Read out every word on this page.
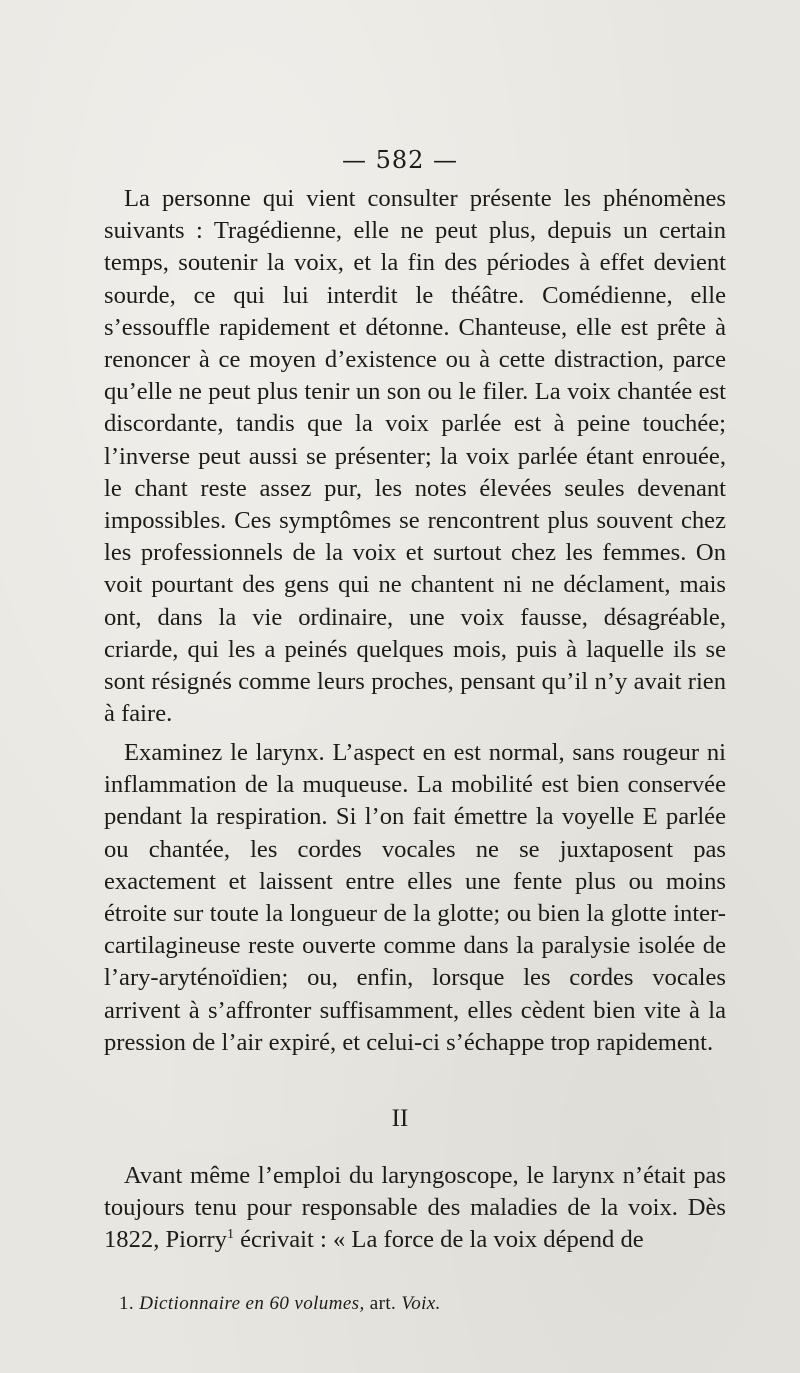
— 582 —

La personne qui vient consulter présente les phénomènes suivants : Tragédienne, elle ne peut plus, depuis un certain temps, soutenir la voix, et la fin des périodes à effet devient sourde, ce qui lui interdit le théâtre. Comédienne, elle s’essouffle rapidement et détonne. Chanteuse, elle est prête à renoncer à ce moyen d’existence ou à cette distraction, parce qu’elle ne peut plus tenir un son ou le filer. La voix chantée est discordante, tandis que la voix parlée est à peine touchée; l’inverse peut aussi se présenter; la voix parlée étant enrouée, le chant reste assez pur, les notes élevées seules devenant impossibles. Ces symptômes se rencontrent plus souvent chez les professionnels de la voix et surtout chez les femmes. On voit pourtant des gens qui ne chantent ni ne déclament, mais ont, dans la vie ordinaire, une voix fausse, désagréable, criarde, qui les a peinés quelques mois, puis à laquelle ils se sont résignés comme leurs proches, pensant qu’il n’y avait rien à faire.

Examinez le larynx. L’aspect en est normal, sans rougeur ni inflammation de la muqueuse. La mobilité est bien conservée pendant la respiration. Si l’on fait émettre la voyelle E parlée ou chantée, les cordes vocales ne se juxtaposent pas exactement et laissent entre elles une fente plus ou moins étroite sur toute la longueur de la glotte; ou bien la glotte inter-cartilagineuse reste ouverte comme dans la paralysie isolée de l’ary-aryténoïdien; ou, enfin, lorsque les cordes vocales arrivent à s’affronter suffisamment, elles cèdent bien vite à la pression de l’air expiré, et celui-ci s’échappe trop rapidement.

II

Avant même l’emploi du laryngoscope, le larynx n’était pas toujours tenu pour responsable des maladies de la voix. Dès 1822, Piorry$^1$ écrivait : « La force de la voix dépend de

1. Dictionnaire en 60 volumes, art. Voix.
